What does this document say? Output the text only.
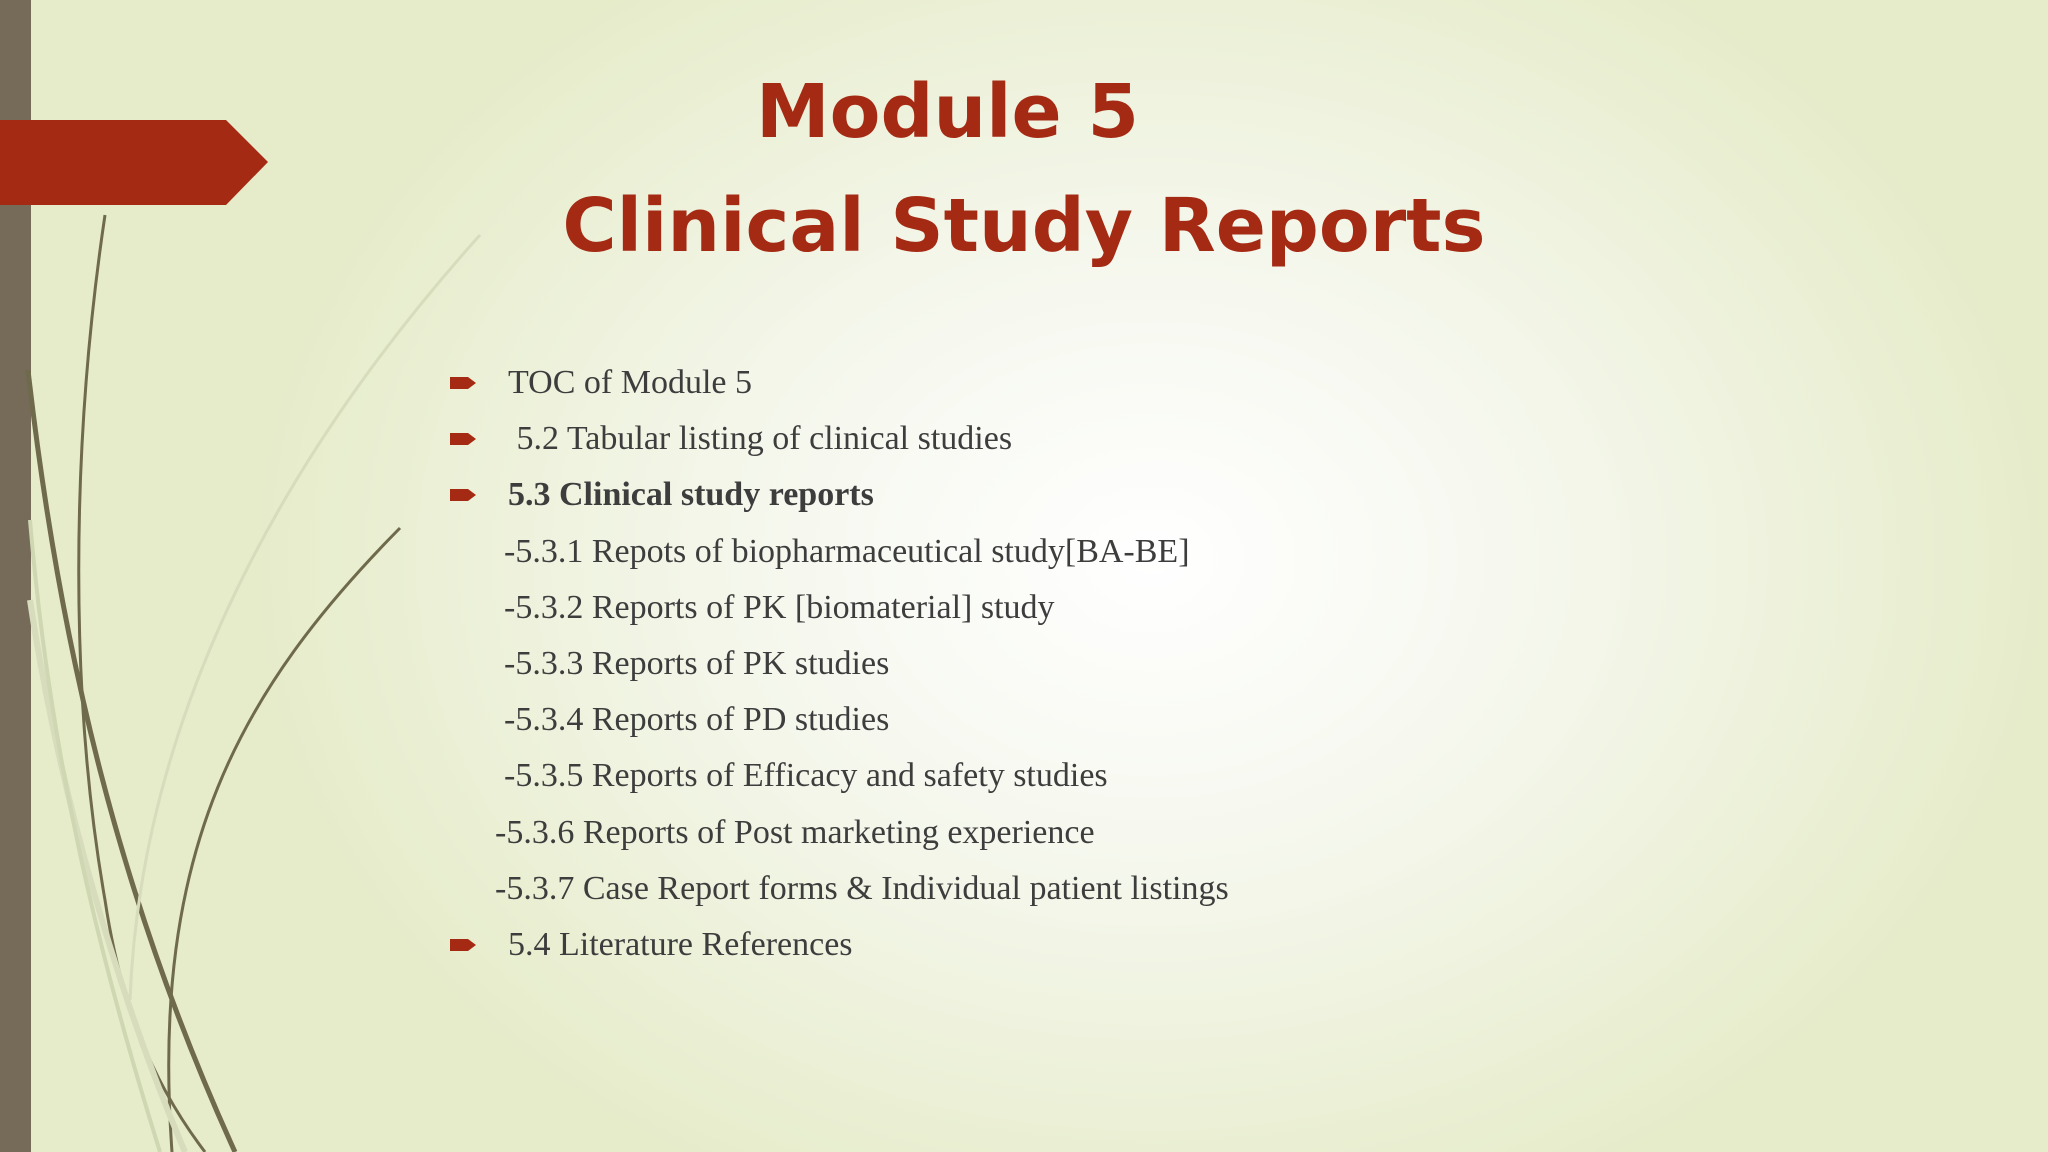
Module 5
Clinical Study Reports
TOC of Module 5
5.2 Tabular listing of clinical studies
5.3 Clinical study reports
-5.3.1 Repots of biopharmaceutical study[BA-BE]
-5.3.2 Reports of PK [biomaterial] study
-5.3.3 Reports of PK studies
-5.3.4 Reports of PD studies
-5.3.5 Reports of Efficacy and safety studies
-5.3.6 Reports of Post marketing experience
-5.3.7 Case Report forms & Individual patient listings
5.4 Literature References
